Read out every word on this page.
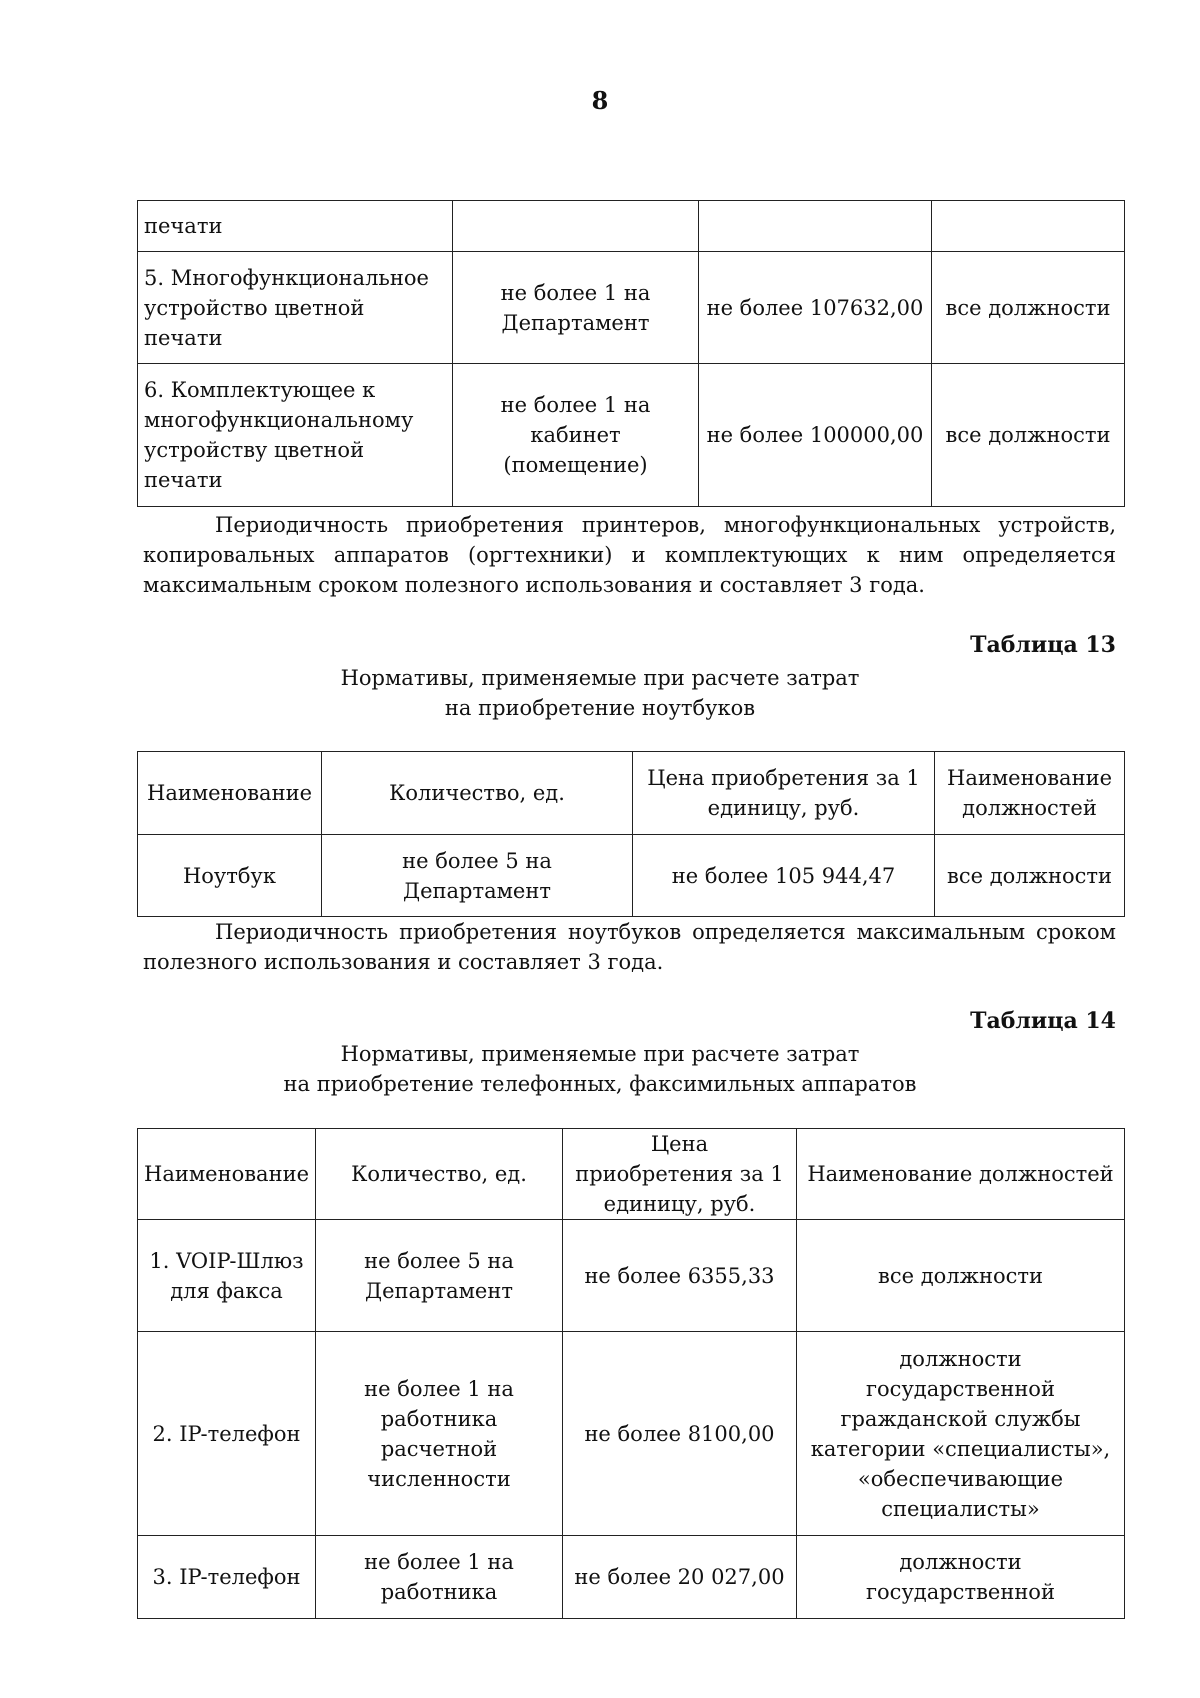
8
печати			
5. Многофункциональное устройство цветной печати	не более 1 на Департамент	не более 107632,00	все должности
6. Комплектующее к многофункциональному устройству цветной печати	не более 1 на кабинет (помещение)	не более 100000,00	все должности
Периодичность приобретения принтеров, многофункциональных устройств, копировальных аппаратов (оргтехники) и комплектующих к ним определяется максимальным сроком полезного использования и составляет 3 года.
Таблица 13
Нормативы, применяемые при расчете затрат
на приобретение ноутбуков
Наименование	Количество, ед.	Цена приобретения за 1 единицу, руб.	Наименование должностей
Ноутбук	не более 5 на Департамент	не более 105 944,47	все должности
Периодичность приобретения ноутбуков определяется максимальным сроком полезного использования и составляет 3 года.
Таблица 14
Нормативы, применяемые при расчете затрат
на приобретение телефонных, факсимильных аппаратов
Наименование	Количество, ед.	Цена приобретения за 1 единицу, руб.	Наименование должностей
1. VOIP-Шлюз для факса	не более 5 на Департамент	не более 6355,33	все должности
2. IP-телефон	не более 1 на работника расчетной численности	не более 8100,00	должности государственной гражданской службы категории «специалисты», «обеспечивающие специалисты»
3. IP-телефон	не более 1 на работника	не более 20 027,00	должности государственной
